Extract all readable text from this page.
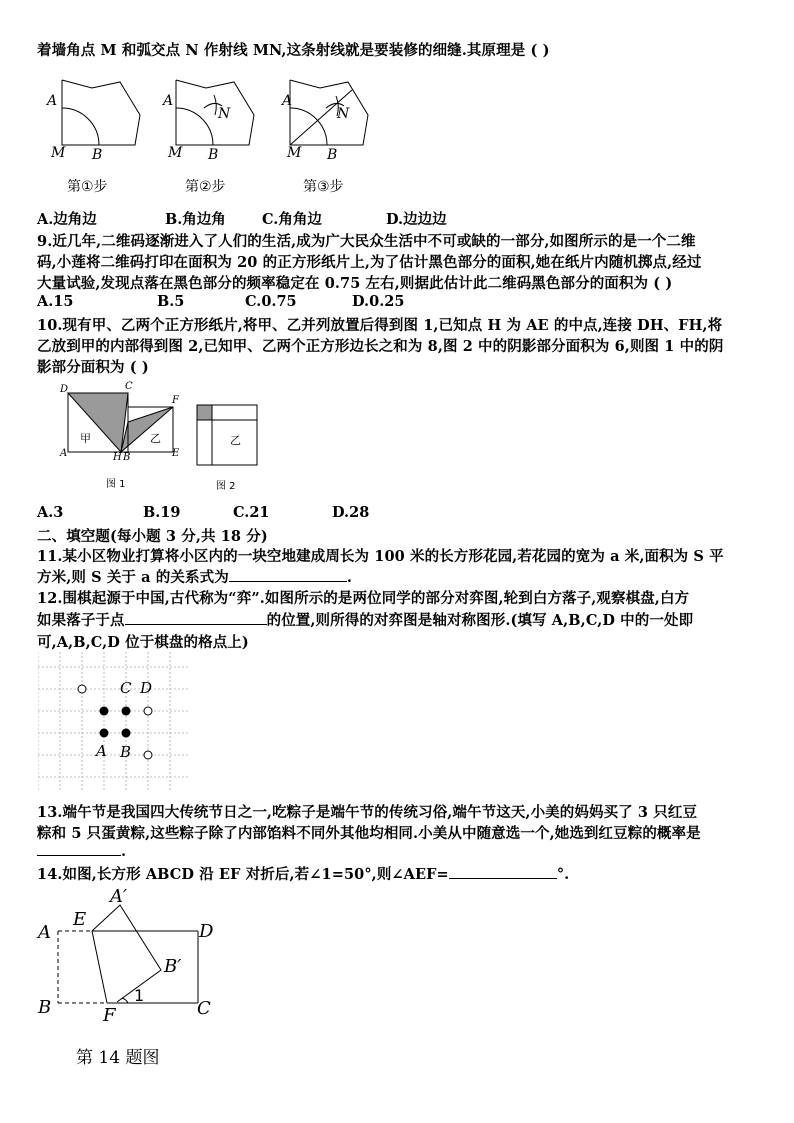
着墙角点 M 和弧交点 N 作射线 MN,这条射线就是要装修的细缝.其原理是 ( )
A
M B
A
M B
N
A
M B
N
第①步	第②步	第③步
A.边角边	B.角边角 C.角角边	D.边边边
9.近几年,二维码逐渐进入了人们的生活,成为广大民众生活中不可或缺的一部分,如图所示的是一个二维
码,小莲将二维码打印在面积为 20 的正方形纸片上,为了估计黑色部分的面积,她在纸片内随机掷点,经过
大量试验,发现点落在黑色部分的频率稳定在 0.75 左右,则据此估计此二维码黑色部分的面积为 ( )
A.15	B.5	C.0.75	D.0.25
10.现有甲、乙两个正方形纸片,将甲、乙并列放置后得到图 1,已知点 H 为 AE 的中点,连接 DH、FH,将
乙放到甲的内部得到图 2,已知甲、乙两个正方形边长之和为 8,图 2 中的阴影部分面积为 6,则图 1 中的阴
影部分面积为 ( )
D	C
F
A	H B	E
甲	乙
图 1
乙
图 2
A.3	B.19	C.21	D.28
二、填空题(每小题 3 分,共 18 分)
11.某小区物业打算将小区内的一块空地建成周长为 100 米的长方形花园,若花园的宽为 a 米,面积为 S 平
方米,则 S 关于 a 的关系式为	.
12.围棋起源于中国,古代称为“弈”.如图所示的是两位同学的部分对弈图,轮到白方落子,观察棋盘,白方
如果落子于点	的位置,则所得的对弈图是轴对称图形.(填写 A,B,C,D 中的一处即
可,A,B,C,D 位于棋盘的格点上)
C D
A B
13.端午节是我国四大传统节日之一,吃粽子是端午节的传统习俗,端午节这天,小美的妈妈买了 3 只红豆
粽和 5 只蛋黄粽,这些粽子除了内部馅料不同外其他均相同.小美从中随意选一个,她选到红豆粽的概率是
.
14.如图,长方形 ABCD 沿 EF 对折后,若∠1=50°,则∠AEF=	°.
A
B	C
D
E
F
A′
B′
1
第 14 题图
